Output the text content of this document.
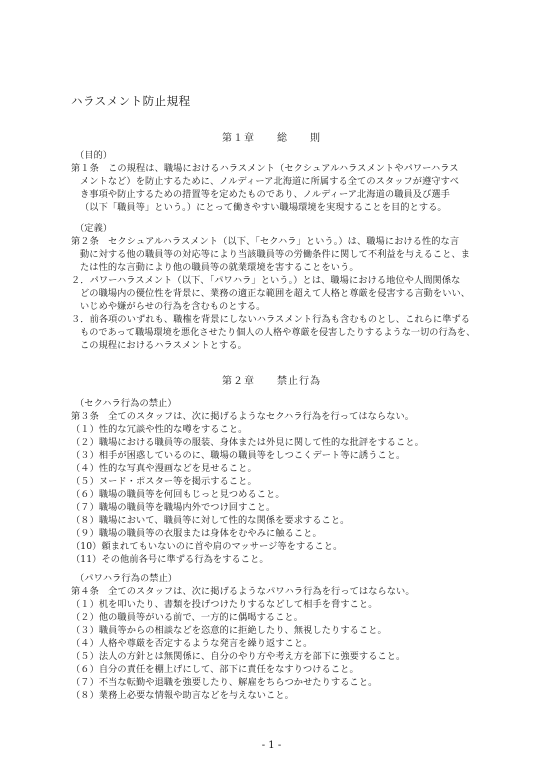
ハラスメント防止規程
第１章　　総　　則
（目的）
第１条　この規程は、職場におけるハラスメント（セクシュアルハラスメントやパワーハラス
メントなど）を防止するために、ノルディーア北海道に所属する全てのスタッフが遵守すべ
き事項や防止するための措置等を定めたものであり、ノルディーア北海道の職員及び選手
（以下「職員等」という。）にとって働きやすい職場環境を実現することを目的とする。
（定義）
第２条　セクシュアルハラスメント（以下、「セクハラ」という。）は、職場における性的な言
動に対する他の職員等の対応等により当該職員等の労働条件に関して不利益を与えること、ま
たは性的な言動により他の職員等の就業環境を害することをいう。
２．パワーハラスメント（以下、「パワハラ」という。）とは、職場における地位や人間関係な
どの職場内の優位性を背景に、業務の適正な範囲を超えて人格と尊厳を侵害する言動をいい、
いじめや嫌がらせの行為を含むものとする。
３．前各項のいずれも、職権を背景にしないハラスメント行為も含むものとし、これらに準ずる
ものであって職場環境を悪化させたり個人の人格や尊厳を侵害したりするような一切の行為を、
この規程におけるハラスメントとする。
第２章　　禁止行為
（セクハラ行為の禁止）
第３条　全てのスタッフは、次に掲げるようなセクハラ行為を行ってはならない。
（１）性的な冗談や性的な噂をすること。
（２）職場における職員等の服装、身体または外見に関して性的な批評をすること。
（３）相手が困惑しているのに、職場の職員等をしつこくデート等に誘うこと。
（４）性的な写真や漫画などを見せること。
（５）ヌード・ポスター等を掲示すること。
（６）職場の職員等を何回もじっと見つめること。
（７）職場の職員等を職場内外でつけ回すこと。
（８）職場において、職員等に対して性的な関係を要求すること。
（９）職場の職員等の衣服または身体をむやみに触ること。
（10）頼まれてもいないのに首や肩のマッサージ等をすること。
（11）その他前各号に準ずる行為をすること。
（パワハラ行為の禁止）
第４条　全てのスタッフは、次に掲げるようなパワハラ行為を行ってはならない。
（１）机を叩いたり、書類を投げつけたりするなどして相手を脅すこと。
（２）他の職員等がいる前で、一方的に偶喝すること。
（３）職員等からの相談などを恣意的に拒絶したり、無視したりすること。
（４）人格や尊厳を否定するような発言を繰り返すこと。
（５）法人の方針とは無関係に、自分のやり方や考え方を部下に強要すること。
（６）自分の責任を棚上げにして、部下に責任をなすりつけること。
（７）不当な転勤や退職を強要したり、解雇をちらつかせたりすること。
（８）業務上必要な情報や助言などを与えないこと。
- 1 -
